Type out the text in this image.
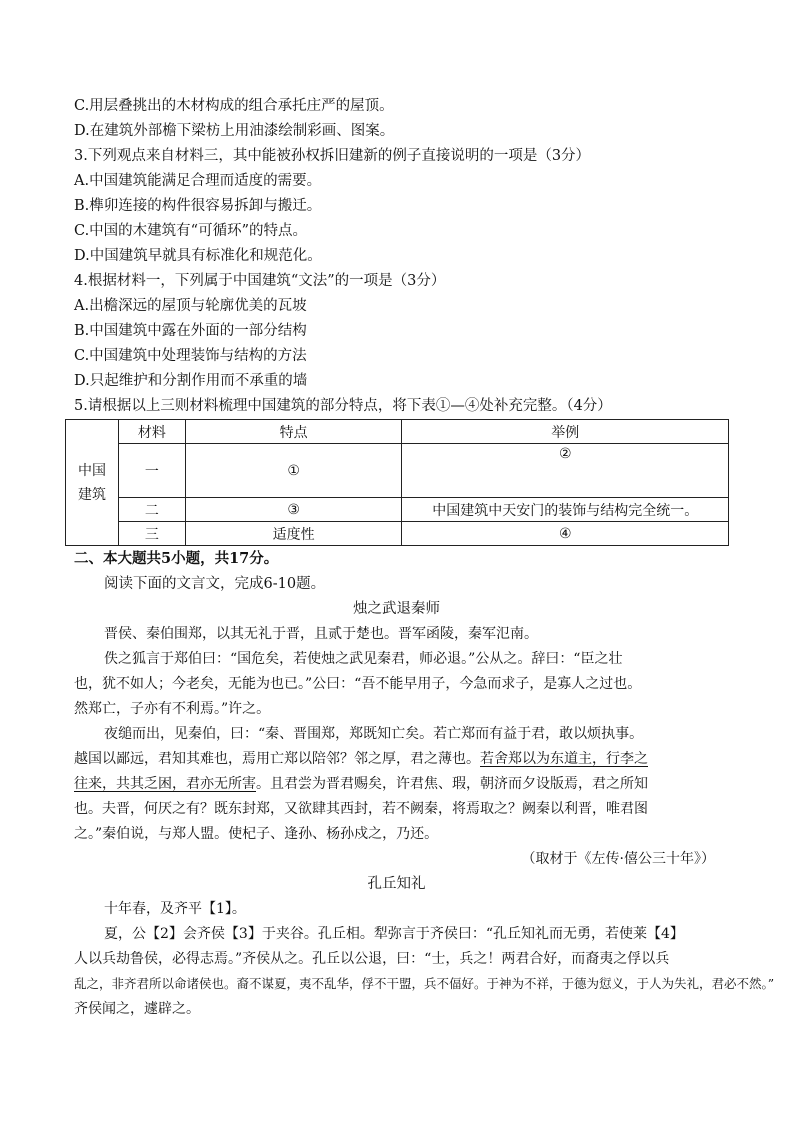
C.用层叠挑出的木材构成的组合承托庄严的屋顶。
D.在建筑外部檐下梁枋上用油漆绘制彩画、图案。
3.下列观点来自材料三，其中能被孙权拆旧建新的例子直接说明的一项是（3分）
A.中国建筑能满足合理而适度的需要。
B.榫卯连接的构件很容易拆卸与搬迁。
C.中国的木建筑有“可循环”的特点。
D.中国建筑早就具有标准化和规范化。
4.根据材料一，下列属于中国建筑“文法”的一项是（3分）
A.出檐深远的屋顶与轮廓优美的瓦坡
B.中国建筑中露在外面的一部分结构
C.中国建筑中处理装饰与结构的方法
D.只起维护和分割作用而不承重的墙
5.请根据以上三则材料梳理中国建筑的部分特点，将下表①—④处补充完整。（4分）
中国
建筑	材料	特点	举例
	一	①	②
	二	③	中国建筑中天安门的装饰与结构完全统一。
	三	适度性	④
二、本大题共5小题，共17分。
阅读下面的文言文，完成6-10题。
烛之武退秦师
晋侯、秦伯围郑，以其无礼于晋，且贰于楚也。晋军函陵，秦军氾南。
佚之狐言于郑伯曰：“国危矣，若使烛之武见秦君，师必退。”公从之。辞曰：“臣之壮
也，犹不如人；今老矣，无能为也已。”公曰：“吾不能早用子，今急而求子，是寡人之过也。
然郑亡，子亦有不利焉。”许之。
夜缒而出，见秦伯，曰：“秦、晋围郑，郑既知亡矣。若亡郑而有益于君，敢以烦执事。
越国以鄙远，君知其难也，焉用亡郑以陪邻？邻之厚，君之薄也。若舍郑以为东道主，行李之
往来，共其乏困，君亦无所害。且君尝为晋君赐矣，许君焦、瑕，朝济而夕设版焉，君之所知
也。夫晋，何厌之有？既东封郑，又欲肆其西封，若不阙秦，将焉取之？阙秦以利晋，唯君图
之。”秦伯说，与郑人盟。使杞子、逢孙、杨孙戍之，乃还。
（取材于《左传·僖公三十年》）
孔丘知礼
十年春，及齐平【1】。
夏，公【2】会齐侯【3】于夹谷。孔丘相。犁弥言于齐侯曰：“孔丘知礼而无勇，若使莱【4】
人以兵劫鲁侯，必得志焉。”齐侯从之。孔丘以公退，曰：“士，兵之！两君合好，而裔夷之俘以兵
乱之，非齐君所以命诸侯也。裔不谋夏，夷不乱华，俘不干盟，兵不偪好。于神为不祥，于德为愆义，于人为失礼，君必不然。”
齐侯闻之，遽辟之。
